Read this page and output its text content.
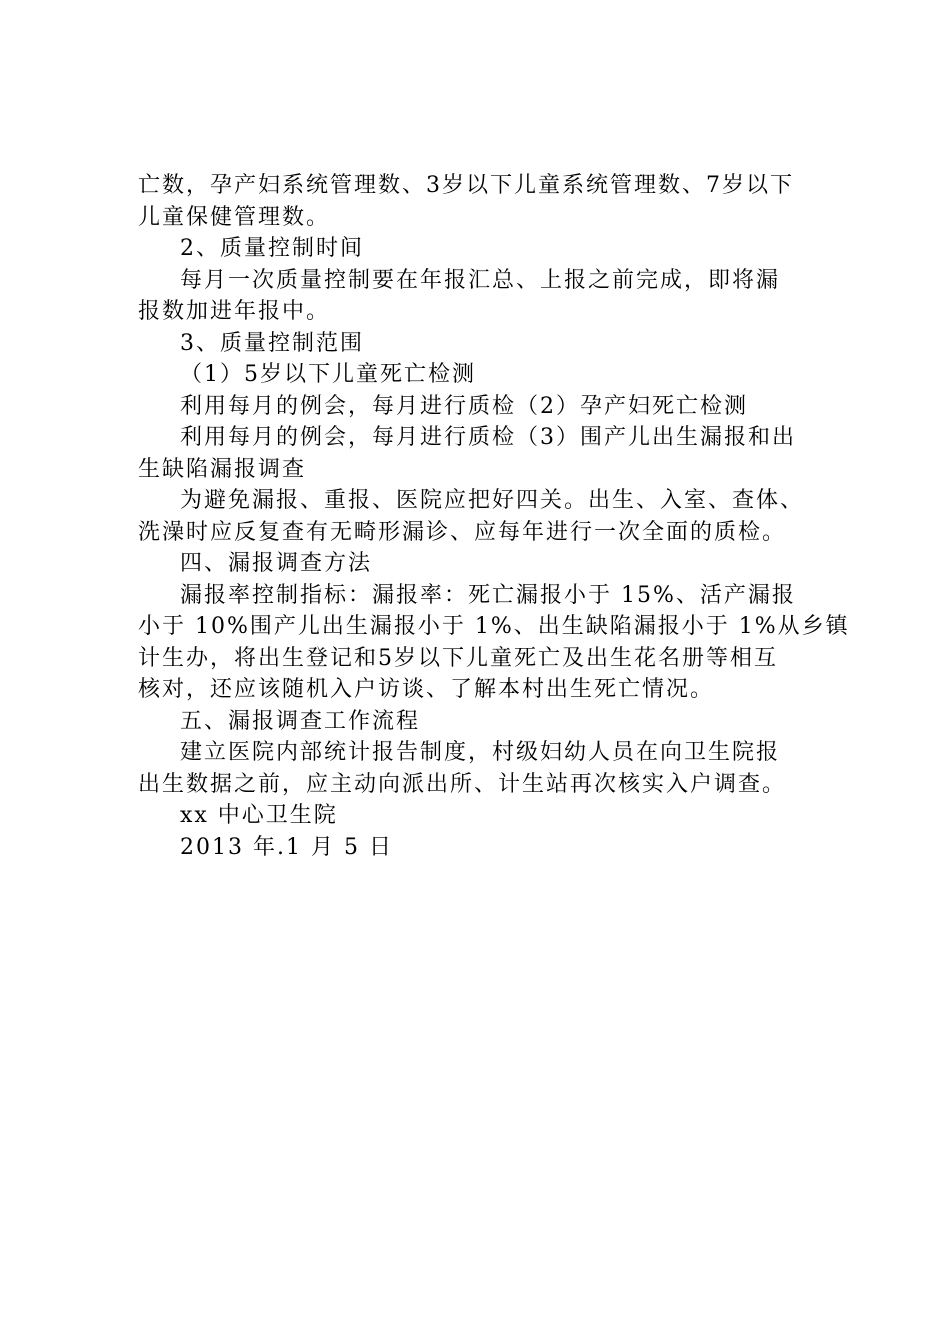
亡数，孕产妇系统管理数、3岁以下儿童系统管理数、7岁以下
儿童保健管理数。
2、质量控制时间
每月一次质量控制要在年报汇总、上报之前完成，即将漏
报数加进年报中。
3、质量控制范围
（1）5岁以下儿童死亡检测
利用每月的例会，每月进行质检（2）孕产妇死亡检测
利用每月的例会，每月进行质检（3）围产儿出生漏报和出
生缺陷漏报调查
为避免漏报、重报、医院应把好四关。出生、入室、查体、
洗澡时应反复查有无畸形漏诊、应每年进行一次全面的质检。
四、漏报调查方法
漏报率控制指标：漏报率：死亡漏报小于 15%、活产漏报
小于 10%围产儿出生漏报小于 1%、出生缺陷漏报小于 1%从乡镇
计生办，将出生登记和5岁以下儿童死亡及出生花名册等相互
核对，还应该随机入户访谈、了解本村出生死亡情况。
五、漏报调查工作流程
建立医院内部统计报告制度，村级妇幼人员在向卫生院报
出生数据之前，应主动向派出所、计生站再次核实入户调查。
xx 中心卫生院
2013 年.1 月 5 日
